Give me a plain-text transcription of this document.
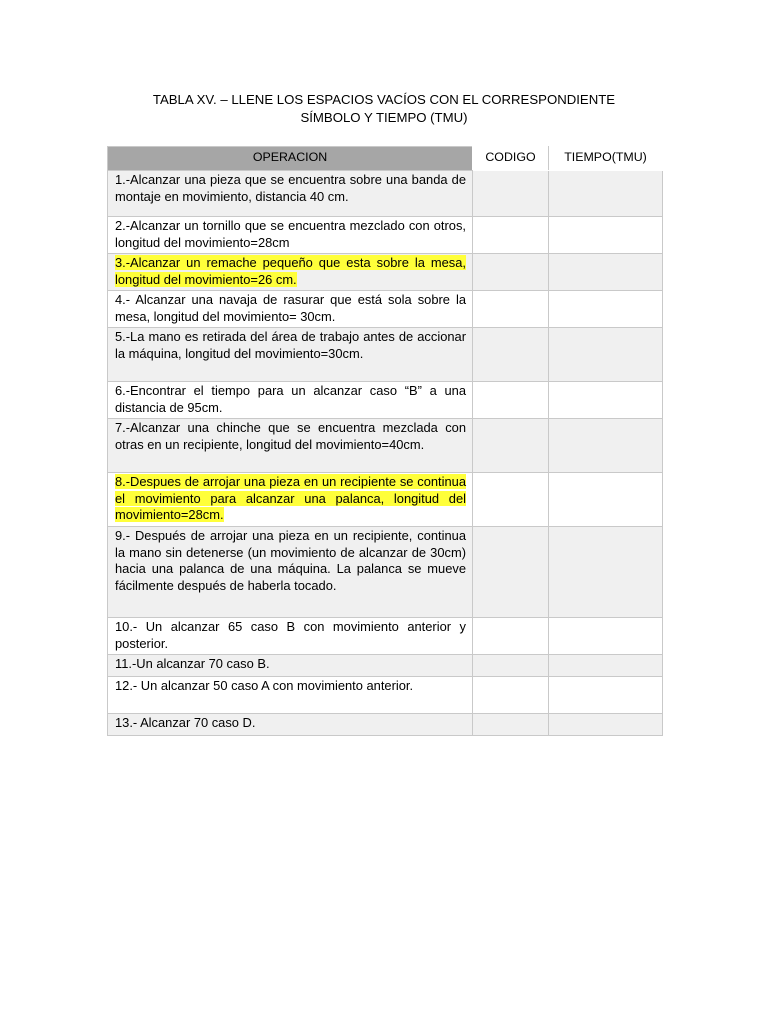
TABLA XV. – LLENE LOS ESPACIOS VACÍOS CON EL CORRESPONDIENTE
SÍMBOLO Y TIEMPO (TMU)
OPERACION	CODIGO	TIEMPO(TMU)

1.-Alcanzar una pieza que se encuentra sobre una banda de montaje en movimiento, distancia 40 cm.		

2.-Alcanzar un tornillo que se encuentra mezclado con otros, longitud del movimiento=28cm		

3.-Alcanzar un remache pequeño que esta sobre la mesa, longitud del movimiento=26 cm.		

4.- Alcanzar una navaja de rasurar que está sola sobre la mesa, longitud del movimiento= 30cm.		

5.-La mano es retirada del área de trabajo antes de accionar la máquina, longitud del movimiento=30cm.		

6.-Encontrar el tiempo para un alcanzar caso “B” a una distancia de 95cm.		

7.-Alcanzar una chinche que se encuentra mezclada con otras en un recipiente, longitud del movimiento=40cm.		

8.-Despues de arrojar una pieza en un recipiente se continua el movimiento para alcanzar una palanca, longitud del movimiento=28cm.		

9.- Después de arrojar una pieza en un recipiente, continua la mano sin detenerse (un movimiento de alcanzar de 30cm) hacia una palanca de una máquina. La palanca se mueve fácilmente después de haberla tocado.		

10.- Un alcanzar 65 caso B con movimiento anterior y posterior.		

11.-Un alcanzar 70 caso B.		

12.- Un alcanzar 50 caso A con movimiento anterior.		

13.- Alcanzar 70 caso D.		
